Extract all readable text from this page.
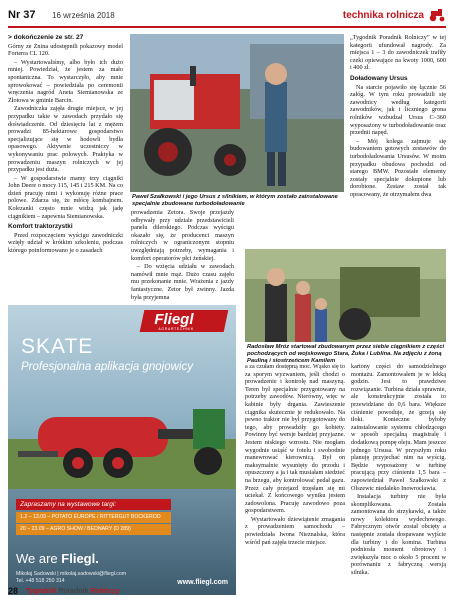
Nr 37 16 września 2018	technika rolnicza

> dokończenie ze str. 27

Górny ze Żnina udostępnili pokazowy model Forterra CL 120.

– Wystartowaliśmy, albo było ich dużo mniej. Powiedział, że jestem za mało spontaniczna. To wystarczyło, aby mnie sprowokować – powiedziała po ceremonii wręczenia nagród Aneta Siemianowska ze Złotowa w gminie Barcin.

Zawodniczka zajęła drugie miejsce, w jej przypadku takie w zawodach przydało się doświadczenie. Od dziesięciu lat z mężem prowadzi 85-hektarowe gospodarstwo specjalizujące się w hodowli bydła opasowego. Aktywnie uczestniczy w wykonywaniu prac polowych. Praktyka w prowadzeniu maszyn rolniczych w jej przypadku jest duża.

– W gospodarstwie mamy trzy ciągniki John Deere o mocy 115, 145 i 215 KM. Na co dzień pracuję nimi i wykonuję różne prace polowe. Zdarza się, że młócę kombajnem. Kolezanki często mnie widzą jak jadę ciągnikiem – zapewnia Siemianowska.

Komfort traktorzystki

Przed rozpoczęciem wyścigu zawodniczki wzięły udział w krótkim szkoleniu, podczas którego poinformowano je o zasadach

Paweł Szałkowski i jego Ursus z silnikiem, w którym zostało zainstalowane specjalnie zbudowane turbodoładowanie

prowadzenia Zetora. Swoje przejazdy odbywały przy udziale przedstawicieli panelu dilerskiego. Podczas wyścigu okazało się, że producenci maszyn rolniczych w ograniczonym stopniu uwzględniają potrzeby, wymagania i komfort operatorów płci żeńskiej.

– Do wzięcia udziału w zawodach namówił mnie mąż. Dużo czasu zajęło mu przekonanie mnie. Wrażenia z jazdy fantastyczne. Zetor był zwinny. Jazda była przyjemna

„Tygodnik Poradnik Rolniczy” w tej kategorii ufundował nagrody. Za miejsca 1 – 3 do zawodniczek trafiły czeki opiewające na kwoty 1000, 600 i 400 zł.

Doładowany Ursus

Na starcie pojawiło się łącznie 56 załóg. W tym roku prowadzili się zawodnicy według kategorii zawodników, jak i liczniego grona rolników wzbudzał Ursus C–360 wyposażony w turbodoładowanie oraz przednii napęd.

– Mój kolega zajmuje się budowaniem gotowych zestawów do turbodoładowania Ursusów. W moim przypadku obudowa pochodzi od starego BMW. Pozostałe elementy zostały specjalnie dokupione lub dorobione. Zestaw został tak opracowany, że otrzymałem dwa

Radosław Mróz startował zbudowanym przez siebie ciągnikiem z części pochodzących od wojskowego Stara, Żuka i Lublina. Na zdjęciu z żoną Pauliną i siostrzeńcem Kamilem

a za czułam dostępną moc. Wąsko się to za sporym wyzwaniem, jeśli chodzi o prowadzenie i kontrolę nad maszyną. Teren był specjalnie przygotowany na potrzeby zawodów. Nierówny, więc w kabinie były drgania. Zawieszenie ciągnika skutecznie je redukowało. Na pewno traktor nie był przygotowany do tego, aby prowadziły go kobiety. Powinny być wersje bardziej przyjazne. Jestem niskiego wzrostu. Nie mogłam wygodnie usiąść w fotelu i swobodnie manewrować kierownicą. Był on maksymalnie wysunięty do przodu i opuszczony a ja i tak musiałam siedzieć na brzegu, aby kontrolować pedał gazu. Przez cały przejazd trzęsłam się mi uciekał. Z końcowego wyniku jestem zadowolona. Pracuję zawodowo poza gospodarstwem.

Wystartowało dziewiątenie zmagania z prowadzeniem samochodu – powiedziała Iwona Nieznalska, która wśród pań zajęła trzecie miejsce.

kartony części do samodzielnego montażu. Zamontowałem je w lekką godzin. Jest to prawdziwe rozwiązanie. Turbina działa sprawnie, ale konstrukcyjnie została to przewidziane do 0,6 bara. Większe ciśnienie powoduje, że grzeją się tłoki. Konieczne byłoby zainstalowanie systemu chłodzącego w sposób specjalną magistralę i dodatkową pompę oleju. Mam jeszcze jednego Ursusa. W przyszłym roku planuję przyjechać nim na wyścig. Będzie wyposażony w turbinę pracującą przy ciśnieniu 1,5 bara – zapowiedział Paweł Szałkowski z Olszewic niedaleko Inowrocławia.

Instalacja turbiny nie była skomplikowana. Została zamontowana do strzykawki, a także nowy kolektora wydechowego. Fabrycznym otwór został obcięty a następnie została dospawane wyjście dla turbiny i do komina. Turbina podniosła moment obrotowy i zwiększyła moc o około 5 procent w porównaniu z fabryczną wersją silnika.

Fliegl
AGRARTECHNIK
SKATE
Profesjonalna aplikacja gnojowicy
Zapraszamy na wystawowe targi:
1.2 – 13.09 – POTATO EUROPE / RITTERGUT BOCKEROD
20 – 23.09 – AGRO SHOW / BEDNARY (D 289)
We are Fliegl.
Mikołaj Sadowski | mikolaj.sadowski@fliegl.com
Tel. +48 518 250 314	www.fliegl.com
28 Tygodnik Poradnik Rolniczy
